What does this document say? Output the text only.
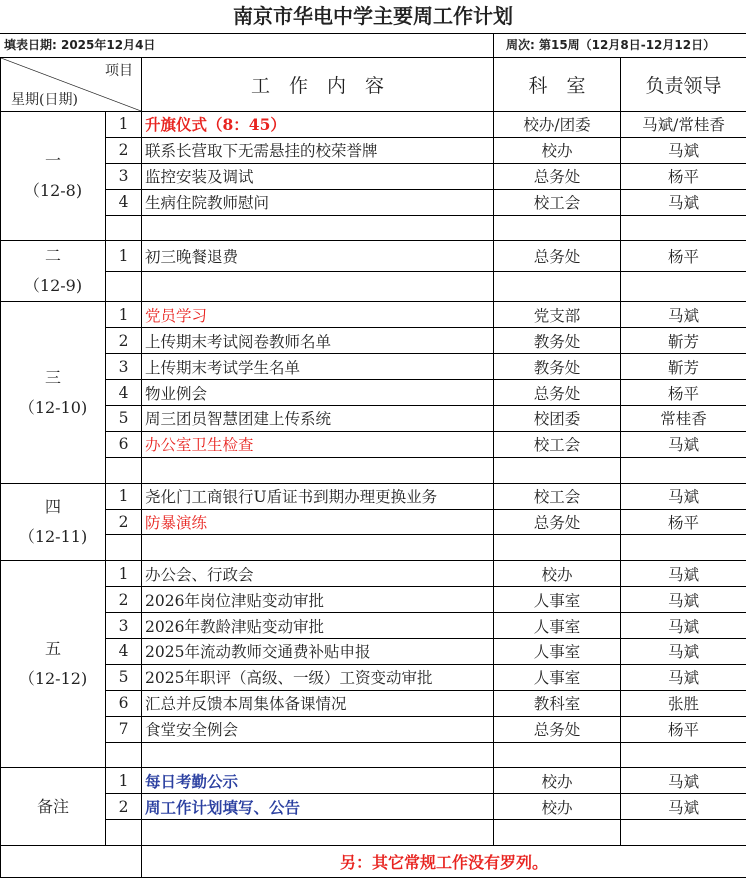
南京市华电中学主要周工作计划
填表日期: 2025年12月4日	周次: 第15周（12月8日-12月12日）
项目
星期(日期)		工　作　内　容	科　室	负责领导

一
（12-8)	1	升旗仪式（8：45）	校办/团委	马斌/常桂香
	2	联系长营取下无需悬挂的校荣誉牌	校办	马斌
	3	监控安装及调试	总务处	杨平
	4	生病住院教师慰问	校工会	马斌

二
（12-9)	1	初三晚餐退费	总务处	杨平

三
（12-10)	1	党员学习	党支部	马斌
	2	上传期末考试阅卷教师名单	教务处	靳芳
	3	上传期末考试学生名单	教务处	靳芳
	4	物业例会	总务处	杨平
	5	周三团员智慧团建上传系统	校团委	常桂香
	6	办公室卫生检查	校工会	马斌

四
（12-11)	1	尧化门工商银行U盾证书到期办理更换业务	校工会	马斌
	2	防暴演练	总务处	杨平

五
（12-12)	1	办公会、行政会	校办	马斌
	2	2026年岗位津贴变动审批	人事室	马斌
	3	2026年教龄津贴变动审批	人事室	马斌
	4	2025年流动教师交通费补贴申报	人事室	马斌
	5	2025年职评（高级、一级）工资变动审批	人事室	马斌
	6	汇总并反馈本周集体备课情况	教科室	张胜
	7	食堂安全例会	总务处	杨平

备注	1	每日考勤公示	校办	马斌
	2	周工作计划填写、公告	校办	马斌

		另：其它常规工作没有罗列。		
